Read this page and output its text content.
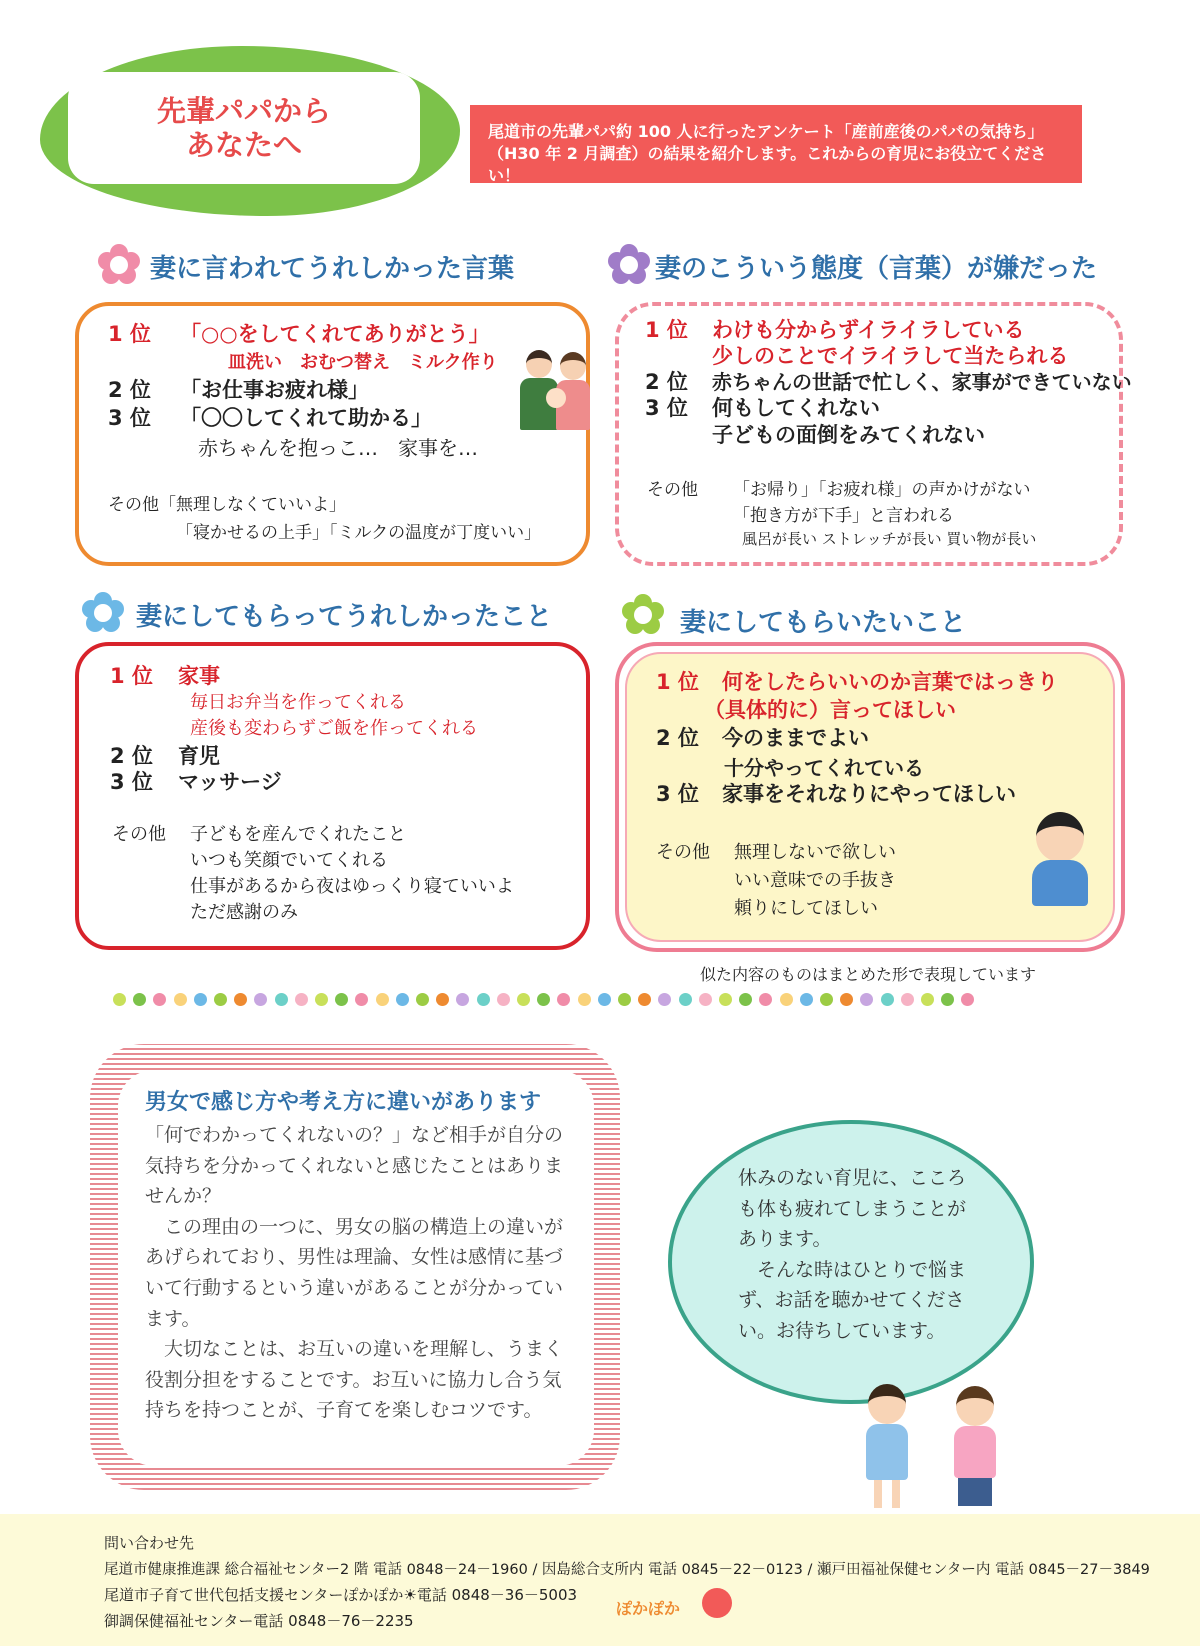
先輩パパから
あなたへ	尾道市の先輩パパ約 100 人に行ったアンケート「産前産後のパパの気持ち」
（H30 年 2 月調査）の結果を紹介します。これからの育児にお役立てください！
妻に言われてうれしかった言葉	妻のこういう態度（言葉）が嫌だった
1 位 「○○をしてくれてありがとう」
皿洗い　おむつ替え　ミルク作り
2 位 「お仕事お疲れ様」
3 位 「〇〇してくれて助かる」
赤ちゃんを抱っこ…　家事を…
その他「無理しなくていいよ」
「寝かせるの上手」「ミルクの温度が丁度いい」
1 位 わけも分からずイライラしている
少しのことでイライラして当たられる
2 位 赤ちゃんの世話で忙しく、家事ができていない
3 位 何もしてくれない
子どもの面倒をみてくれない
その他 「お帰り」「お疲れ様」の声かけがない
「抱き方が下手」と言われる
風呂が長い ストレッチが長い 買い物が長い
妻にしてもらってうれしかったこと	妻にしてもらいたいこと
1 位 家事
毎日お弁当を作ってくれる
産後も変わらずご飯を作ってくれる
2 位 育児
3 位 マッサージ
その他 子どもを産んでくれたこと
いつも笑顔でいてくれる
仕事があるから夜はゆっくり寝ていいよ
ただ感謝のみ
1 位 何をしたらいいのか言葉ではっきり
（具体的に）言ってほしい
2 位 今のままでよい
十分やってくれている
3 位 家事をそれなりにやってほしい
その他 無理しないで欲しい
いい意味での手抜き
頼りにしてほしい
似た内容のものはまとめた形で表現しています
男女で感じ方や考え方に違いがあります

「何でわかってくれないの？」など相手が自分の気持ちを分かってくれないと感じたことはありませんか？

この理由の一つに、男女の脳の構造上の違いがあげられており、男性は理論、女性は感情に基づいて行動するという違いがあることが分かっています。

大切なことは、お互いの違いを理解し、うまく役割分担をすることです。お互いに協力し合う気持ちを持つことが、子育てを楽しむコツです。

休みのない育児に、こころも体も疲れてしまうことがあります。

そんな時はひとりで悩まず、お話を聴かせてください。お待ちしています。

問い合わせ先
尾道市健康推進課 総合福祉センター2 階 電話 0848－24－1960 / 因島総合支所内 電話 0845－22－0123 / 瀬戸田福祉保健センター内 電話 0845－27－3849
尾道市子育て世代包括支援センターぽかぽか☀電話 0848－36－5003
御調保健福祉センター電話 0848－76－2235
ぽかぽか
